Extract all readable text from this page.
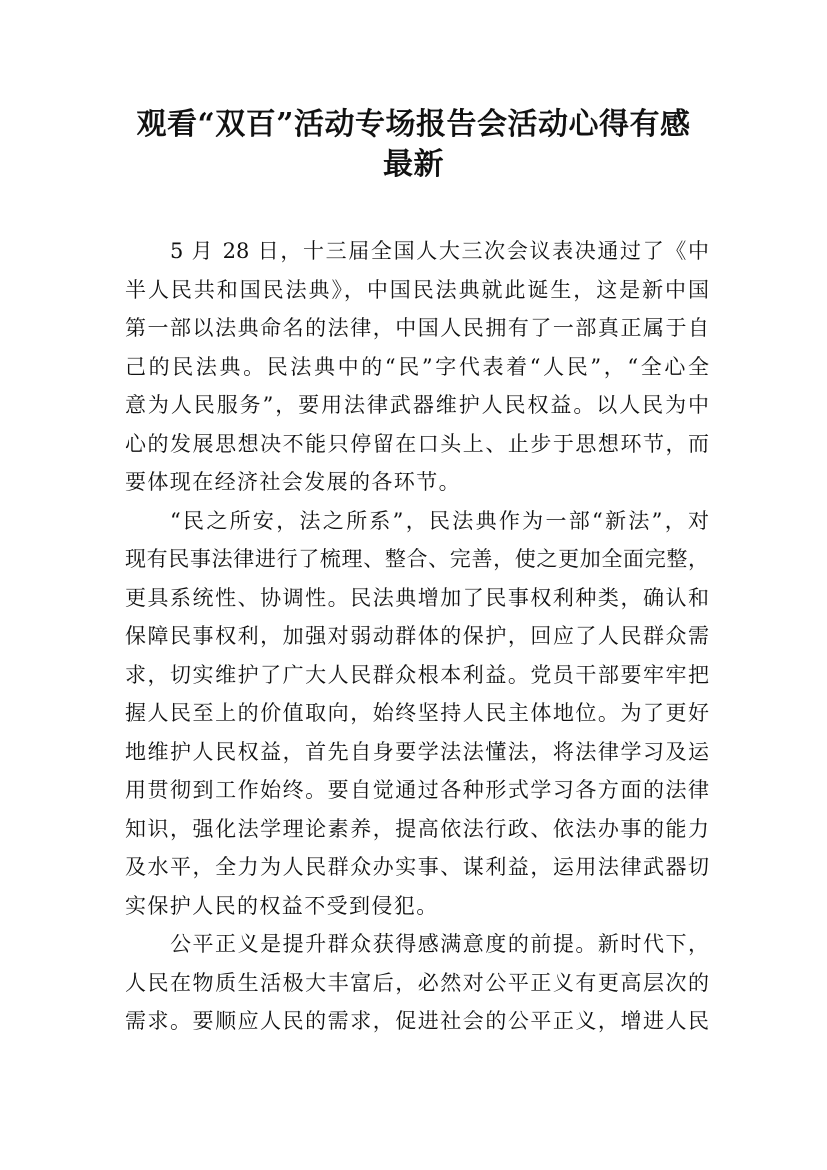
观看“双百”活动专场报告会活动心得有感
最新
5 月 28 日，十三届全国人大三次会议表决通过了《中
半人民共和国民法典》，中国民法典就此诞生，这是新中国
第一部以法典命名的法律，中国人民拥有了一部真正属于自
己的民法典。民法典中的“民”字代表着“人民”，“全心全
意为人民服务”，要用法律武器维护人民权益。以人民为中
心的发展思想决不能只停留在口头上、止步于思想环节，而
要体现在经济社会发展的各环节。
“民之所安，法之所系”，民法典作为一部“新法”，对
现有民事法律进行了梳理、整合、完善，使之更加全面完整，
更具系统性、协调性。民法典增加了民事权利种类，确认和
保障民事权利，加强对弱动群体的保护，回应了人民群众需
求，切实维护了广大人民群众根本利益。党员干部要牢牢把
握人民至上的价值取向，始终坚持人民主体地位。为了更好
地维护人民权益，首先自身要学法法懂法，将法律学习及运
用贯彻到工作始终。要自觉通过各种形式学习各方面的法律
知识，强化法学理论素养，提高依法行政、依法办事的能力
及水平，全力为人民群众办实事、谋利益，运用法律武器切
实保护人民的权益不受到侵犯。
公平正义是提升群众获得感满意度的前提。新时代下，
人民在物质生活极大丰富后，必然对公平正义有更高层次的
需求。要顺应人民的需求，促进社会的公平正义，增进人民
